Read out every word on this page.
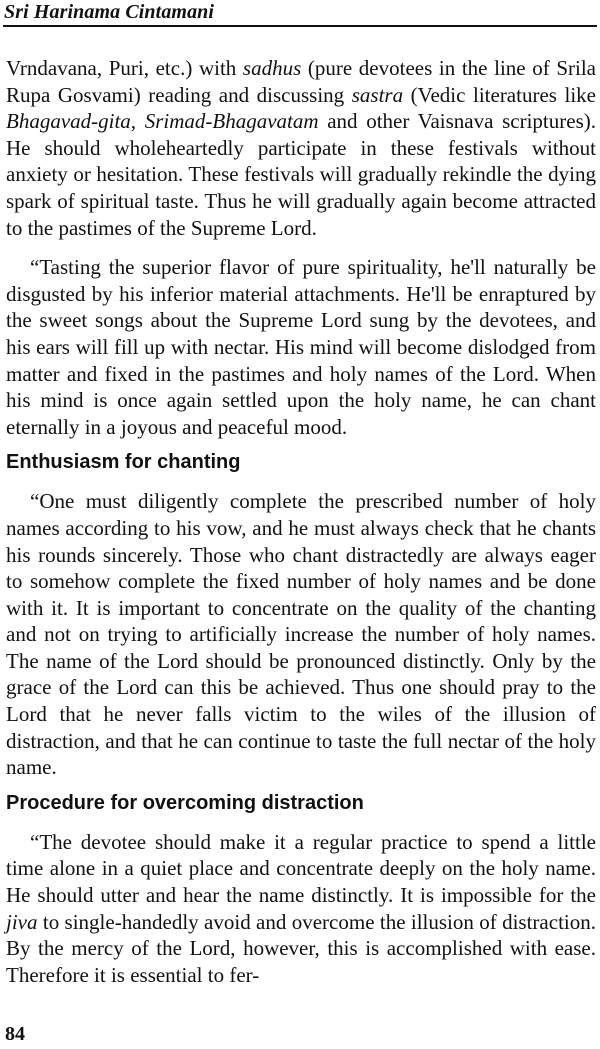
Sri Harinama Cintamani

Vrndavana, Puri, etc.) with sadhus (pure devotees in the line of Srila Rupa Gosvami) reading and discussing sastra (Vedic literatures like Bhagavad-gita, Srimad-Bhagavatam and other Vaisnava scriptures). He should wholeheartedly participate in these festivals without anxiety or hesitation. These festivals will gradually rekindle the dying spark of spiritual taste. Thus he will gradually again become attracted to the pastimes of the Supreme Lord.

“Tasting the superior flavor of pure spirituality, he'll naturally be disgusted by his inferior material attachments. He'll be enraptured by the sweet songs about the Supreme Lord sung by the devotees, and his ears will fill up with nectar. His mind will become dislodged from matter and fixed in the pastimes and holy names of the Lord. When his mind is once again settled upon the holy name, he can chant eternally in a joyous and peaceful mood.

Enthusiasm for chanting

“One must diligently complete the prescribed number of holy names according to his vow, and he must always check that he chants his rounds sincerely. Those who chant distractedly are always eager to somehow complete the fixed number of holy names and be done with it. It is important to concentrate on the quality of the chanting and not on trying to artificially increase the number of holy names. The name of the Lord should be pronounced distinctly. Only by the grace of the Lord can this be achieved. Thus one should pray to the Lord that he never falls victim to the wiles of the illusion of distraction, and that he can continue to taste the full nectar of the holy name.

Procedure for overcoming distraction

“The devotee should make it a regular practice to spend a little time alone in a quiet place and concentrate deeply on the holy name. He should utter and hear the name distinctly. It is impossible for the jiva to single-handedly avoid and overcome the illusion of distraction. By the mercy of the Lord, however, this is accomplished with ease. Therefore it is essential to fer-

84
